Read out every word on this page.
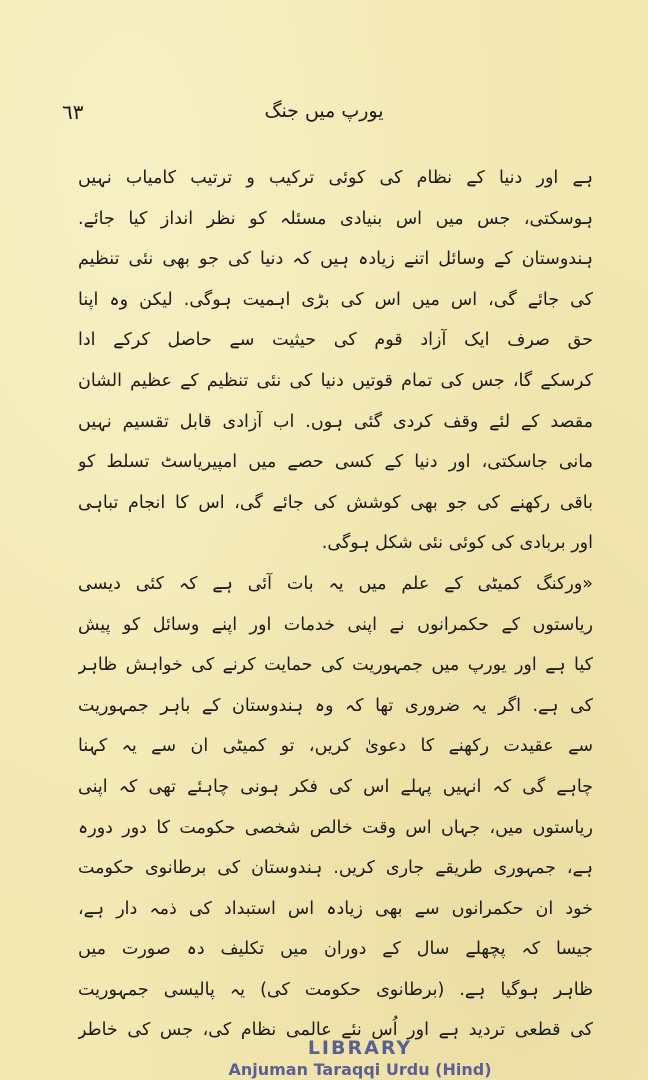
٦٣	یورپ میں جنگ
ہے اور دنیا کے نظام کی کوئی ترکیب و ترتیب کامیاب نہیں
ہوسکتی، جس میں اس بنیادی مسئلہ کو نظر انداز کیا جائے.
ہندوستان کے وسائل اتنے زیادہ ہیں کہ دنیا کی جو بھی نئی تنظیم
کی جائے گی، اس میں اس کی بڑی اہمیت ہوگی. لیکن وہ اپنا
حق صرف ایک آزاد قوم کی حیثیت سے حاصل کرکے ادا
کرسکے گا، جس کی تمام قوتیں دنیا کی نئی تنظیم کے عظیم الشان
مقصد کے لئے وقف کردی گئی ہوں. اب آزادی قابل تقسیم نہیں
مانی جاسکتی، اور دنیا کے کسی حصے میں امپیریاسٹ تسلط کو
باقی رکھنے کی جو بھی کوشش کی جائے گی، اس کا انجام تباہی
اور بربادی کی کوئی نئی شکل ہوگی.
«ورکنگ کمیٹی کے علم میں یہ بات آئی ہے کہ کئی دیسی
ریاستوں کے حکمرانوں نے اپنی خدمات اور اپنے وسائل کو پیش
کیا ہے اور یورپ میں جمہوریت کی حمایت کرنے کی خواہش ظاہر
کی ہے. اگر یہ ضروری تھا کہ وہ ہندوستان کے باہر جمہوریت
سے عقیدت رکھنے کا دعویٰ کریں، تو کمیٹی ان سے یہ کہنا
چاہے گی کہ انہیں پہلے اس کی فکر ہونی چاہئے تھی کہ اپنی
ریاستوں میں، جہاں اس وقت خالص شخصی حکومت کا دور دورہ
ہے، جمہوری طریقے جاری کریں. ہندوستان کی برطانوی حکومت
خود ان حکمرانوں سے بھی زیادہ اس استبداد کی ذمہ دار ہے،
جیسا کہ پچھلے سال کے دوران میں تکلیف دہ صورت میں
ظاہر ہوگیا ہے. (برطانوی حکومت کی) یہ پالیسی جمہوریت
کی قطعی تردید ہے اور اُس نئے عالمی نظام کی، جس کی خاطر
LIBRARY
Anjuman Taraqqi Urdu (Hind)
